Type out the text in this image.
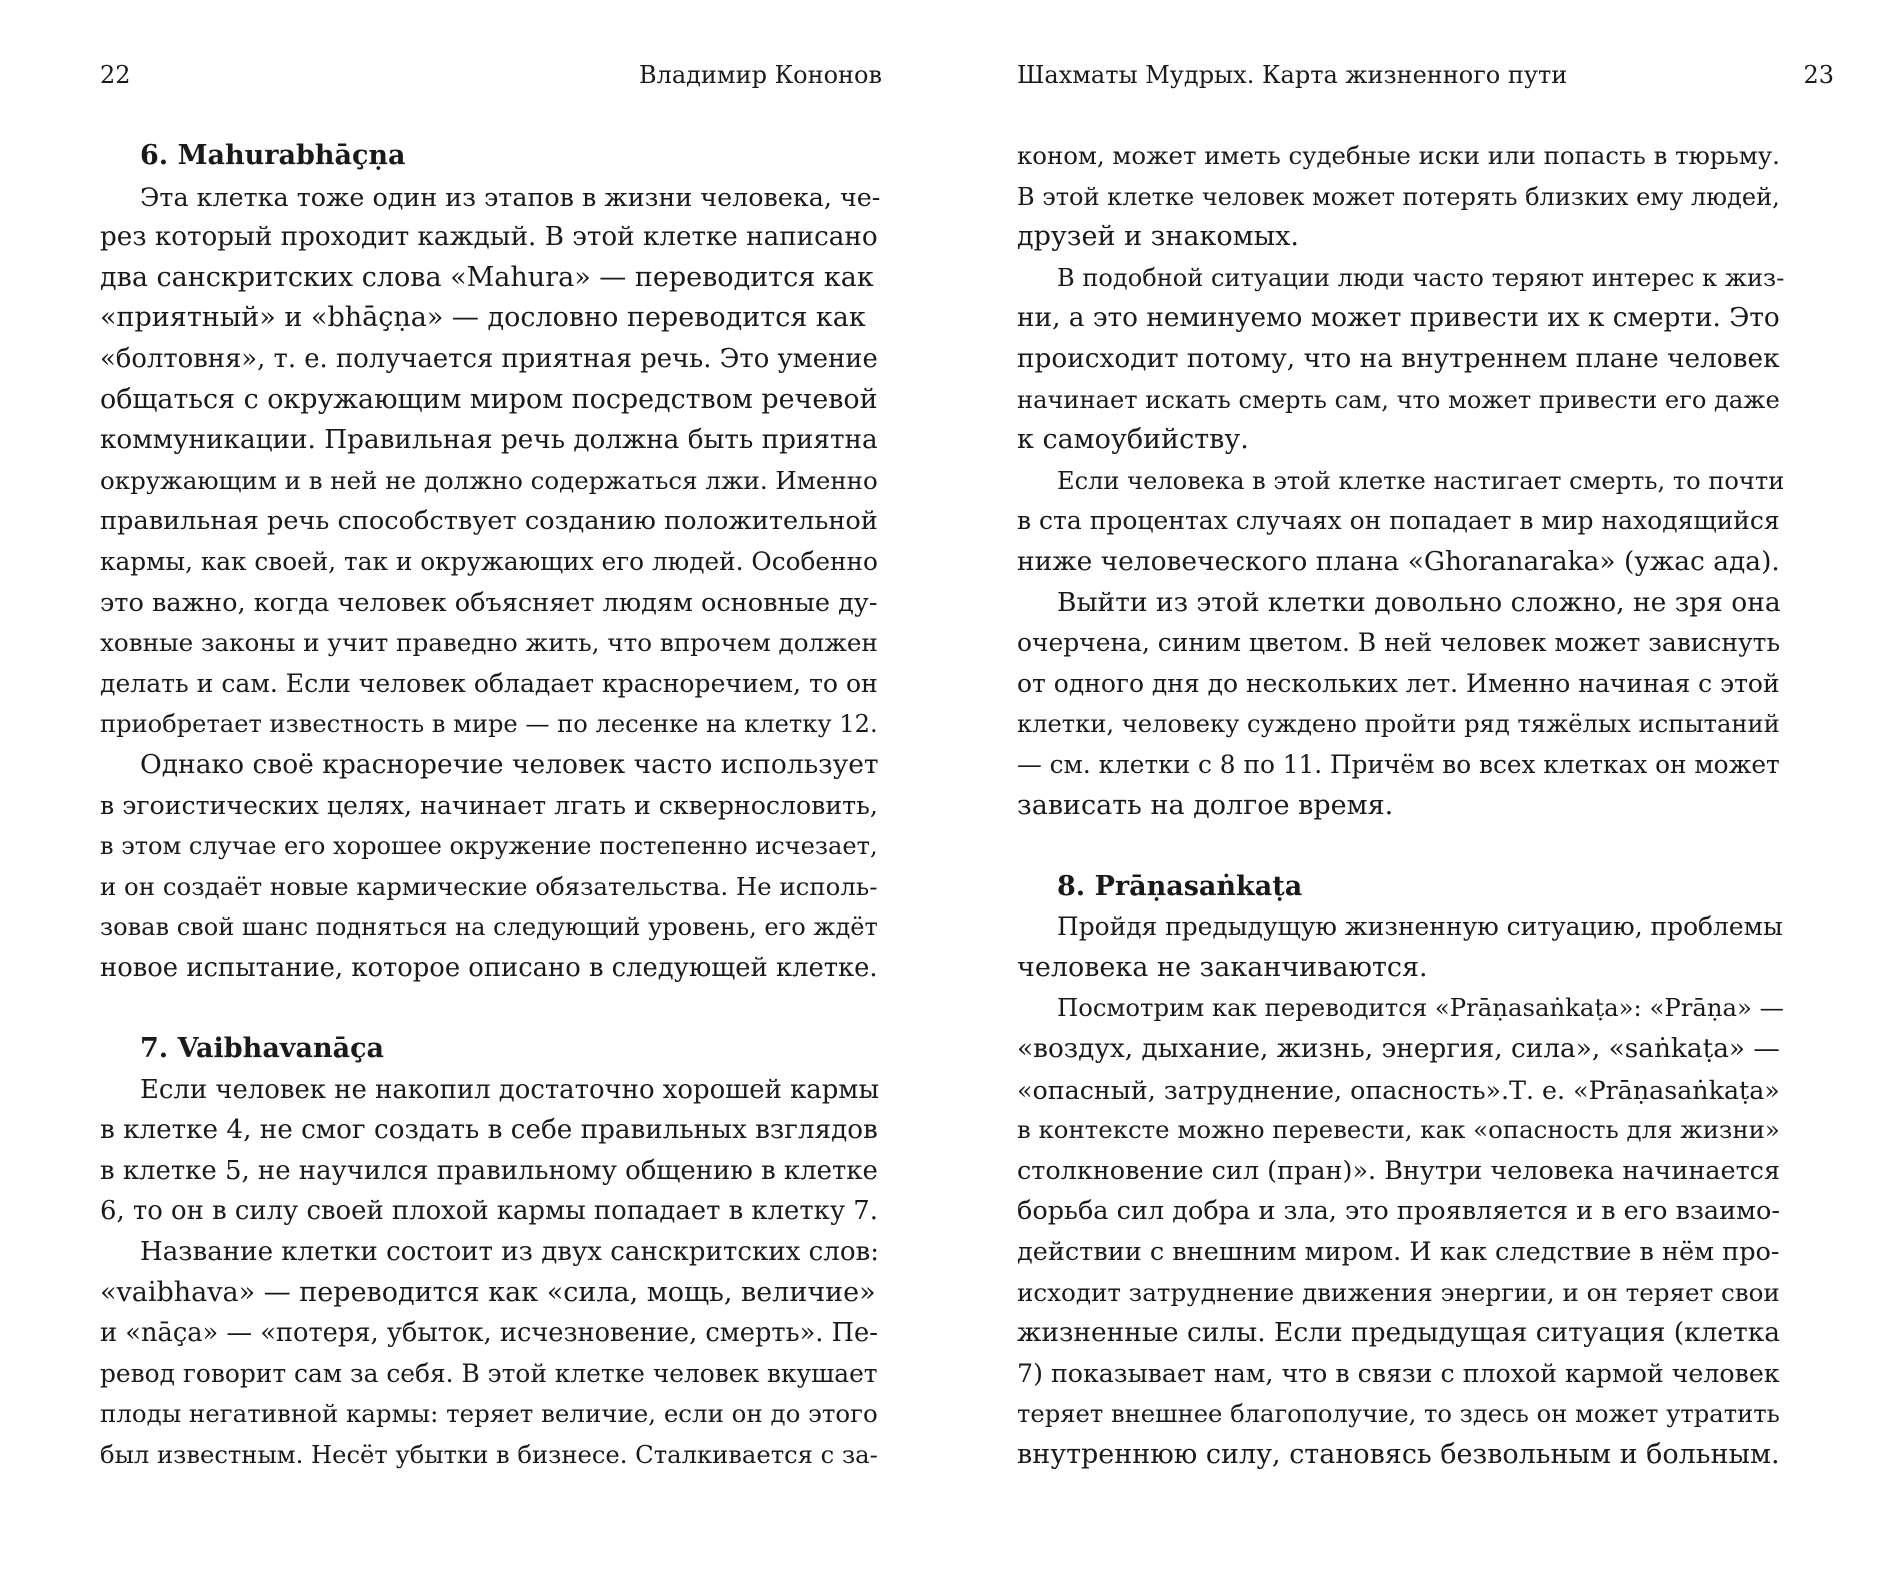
22	Владимир Кононов
6. Mahurabhāçṇa
Эта клетка тоже один из этапов в жизни человека, че-
рез который проходит каждый. В этой клетке написано
два санскритских слова «Mahura» — переводится как
«приятный» и «bhāçṇa» — дословно переводится как
«болтовня», т. е. получается приятная речь. Это умение
общаться с окружающим миром посредством речевой
коммуникации. Правильная речь должна быть приятна
окружающим и в ней не должно содержаться лжи. Именно
правильная речь способствует созданию положительной
кармы, как своей, так и окружающих его людей. Особенно
это важно, когда человек объясняет людям основные ду-
ховные законы и учит праведно жить, что впрочем должен
делать и сам. Если человек обладает красноречием, то он
приобретает известность в мире — по лесенке на клетку 12.
Однако своё красноречие человек часто использует
в эгоистических целях, начинает лгать и сквернословить,
в этом случае его хорошее окружение постепенно исчезает,
и он создаёт новые кармические обязательства. Не исполь-
зовав свой шанс подняться на следующий уровень, его ждёт
новое испытание, которое описано в следующей клетке.
7. Vaibhavanāça
Если человек не накопил достаточно хорошей кармы
в клетке 4, не смог создать в себе правильных взглядов
в клетке 5, не научился правильному общению в клетке
6, то он в силу своей плохой кармы попадает в клетку 7.
Название клетки состоит из двух санскритских слов:
«vaibhava» — переводится как «сила, мощь, величие»
и «nāça» — «потеря, убыток, исчезновение, смерть». Пе-
ревод говорит сам за себя. В этой клетке человек вкушает
плоды негативной кармы: теряет величие, если он до этого
был известным. Несёт убытки в бизнесе. Сталкивается с за-
Шахматы Мудрых. Карта жизненного пути	23
коном, может иметь судебные иски или попасть в тюрьму.
В этой клетке человек может потерять близких ему людей,
друзей и знакомых.
В подобной ситуации люди часто теряют интерес к жиз-
ни, а это неминуемо может привести их к смерти. Это
происходит потому, что на внутреннем плане человек
начинает искать смерть сам, что может привести его даже
к самоубийству.
Если человека в этой клетке настигает смерть, то почти
в ста процентах случаях он попадает в мир находящийся
ниже человеческого плана «Ghoranaraka» (ужас ада).
Выйти из этой клетки довольно сложно, не зря она
очерчена, синим цветом. В ней человек может зависнуть
от одного дня до нескольких лет. Именно начиная с этой
клетки, человеку суждено пройти ряд тяжёлых испытаний
— см. клетки с 8 по 11. Причём во всех клетках он может
зависать на долгое время.
8. Prāṇasaṅkaṭa
Пройдя предыдущую жизненную ситуацию, проблемы
человека не заканчиваются.
Посмотрим как переводится «Prāṇasaṅkaṭa»: «Prāṇa» —
«воздух, дыхание, жизнь, энергия, сила», «saṅkaṭa» —
«опасный, затруднение, опасность».Т. е. «Prāṇasaṅkaṭa»
в контексте можно перевести, как «опасность для жизни»
столкновение сил (пран)». Внутри человека начинается
борьба сил добра и зла, это проявляется и в его взаимо-
действии с внешним миром. И как следствие в нём про-
исходит затруднение движения энергии, и он теряет свои
жизненные силы. Если предыдущая ситуация (клетка
7) показывает нам, что в связи с плохой кармой человек
теряет внешнее благополучие, то здесь он может утратить
внутреннюю силу, становясь безвольным и больным.
